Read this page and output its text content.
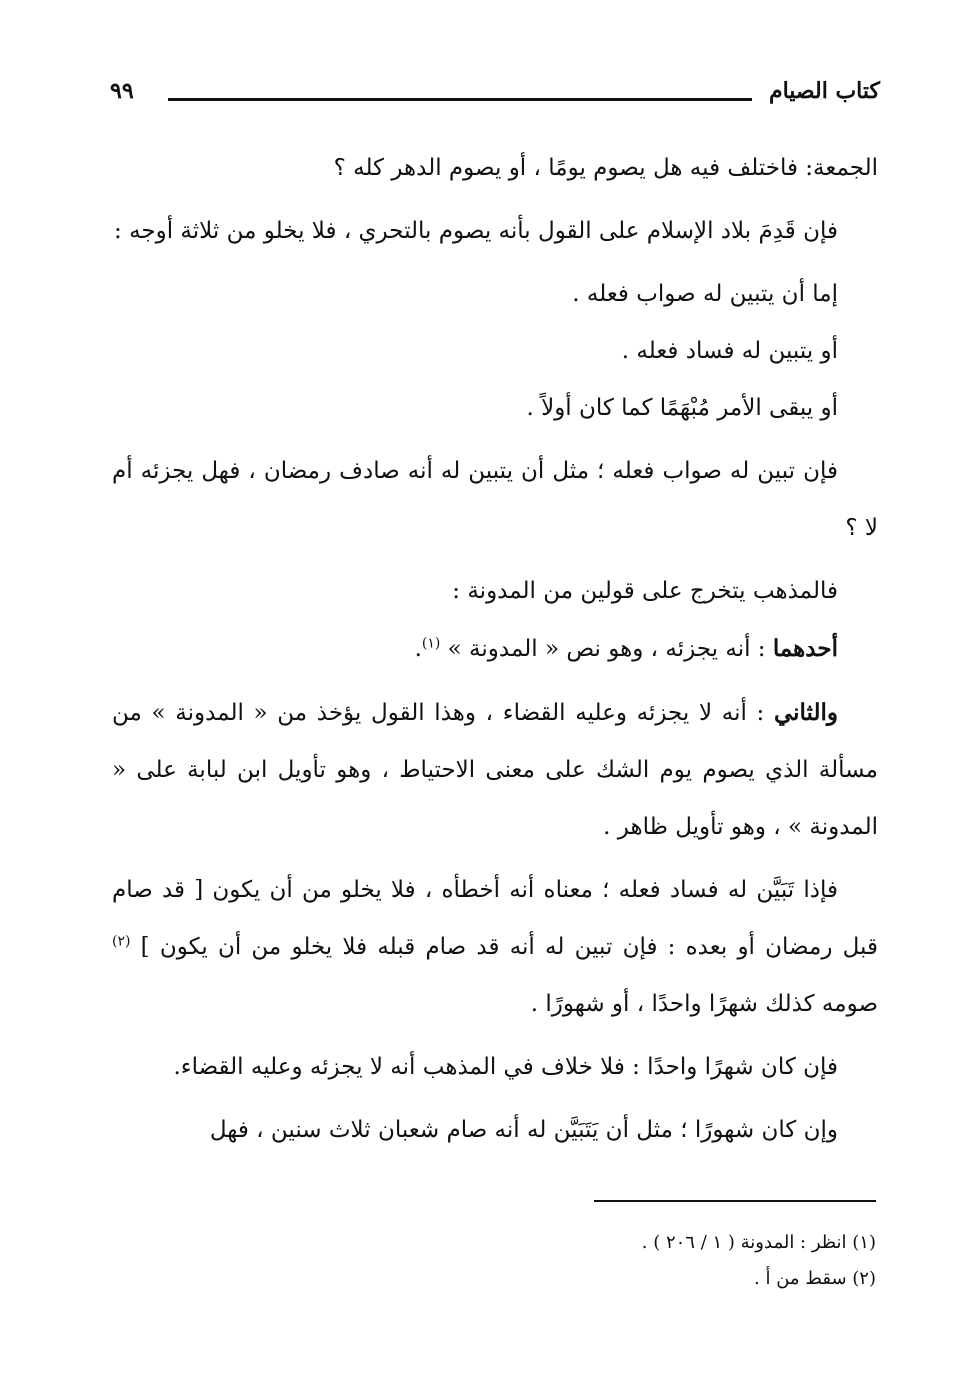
كتاب الصيام
٩٩

الجمعة: فاختلف فيه هل يصوم يومًا ، أو يصوم الدهر كله ؟

فإن قَدِمَ بلاد الإسلام على القول بأنه يصوم بالتحري ، فلا يخلو من ثلاثة أوجه :

إما أن يتبين له صواب فعله .

أو يتبين له فساد فعله .

أو يبقى الأمر مُبْهَمًا كما كان أولاً .

فإن تبين له صواب فعله ؛ مثل أن يتبين له أنه صادف رمضان ، فهل يجزئه أم لا ؟

فالمذهب يتخرج على قولين من المدونة :

أحدهما : أنه يجزئه ، وهو نص « المدونة » $^{(١)}$.

والثاني : أنه لا يجزئه وعليه القضاء ، وهذا القول يؤخذ من « المدونة » من مسألة الذي يصوم يوم الشك على معنى الاحتياط ، وهو تأويل ابن لبابة على « المدونة » ، وهو تأويل ظاهر .

فإذا تَبَيَّن له فساد فعله ؛ معناه أنه أخطأه ، فلا يخلو من أن يكون [ قد صام قبل رمضان أو بعده : فإن تبين له أنه قد صام قبله فلا يخلو من أن يكون ] $^{(٢)}$ صومه كذلك شهرًا واحدًا ، أو شهورًا .

فإن كان شهرًا واحدًا : فلا خلاف في المذهب أنه لا يجزئه وعليه القضاء.

وإن كان شهورًا ؛ مثل أن يَتَبَيَّن له أنه صام شعبان ثلاث سنين ، فهل

(١) انظر : المدونة ( ١ / ٢٠٦ ) .

(٢) سقط من أ .
